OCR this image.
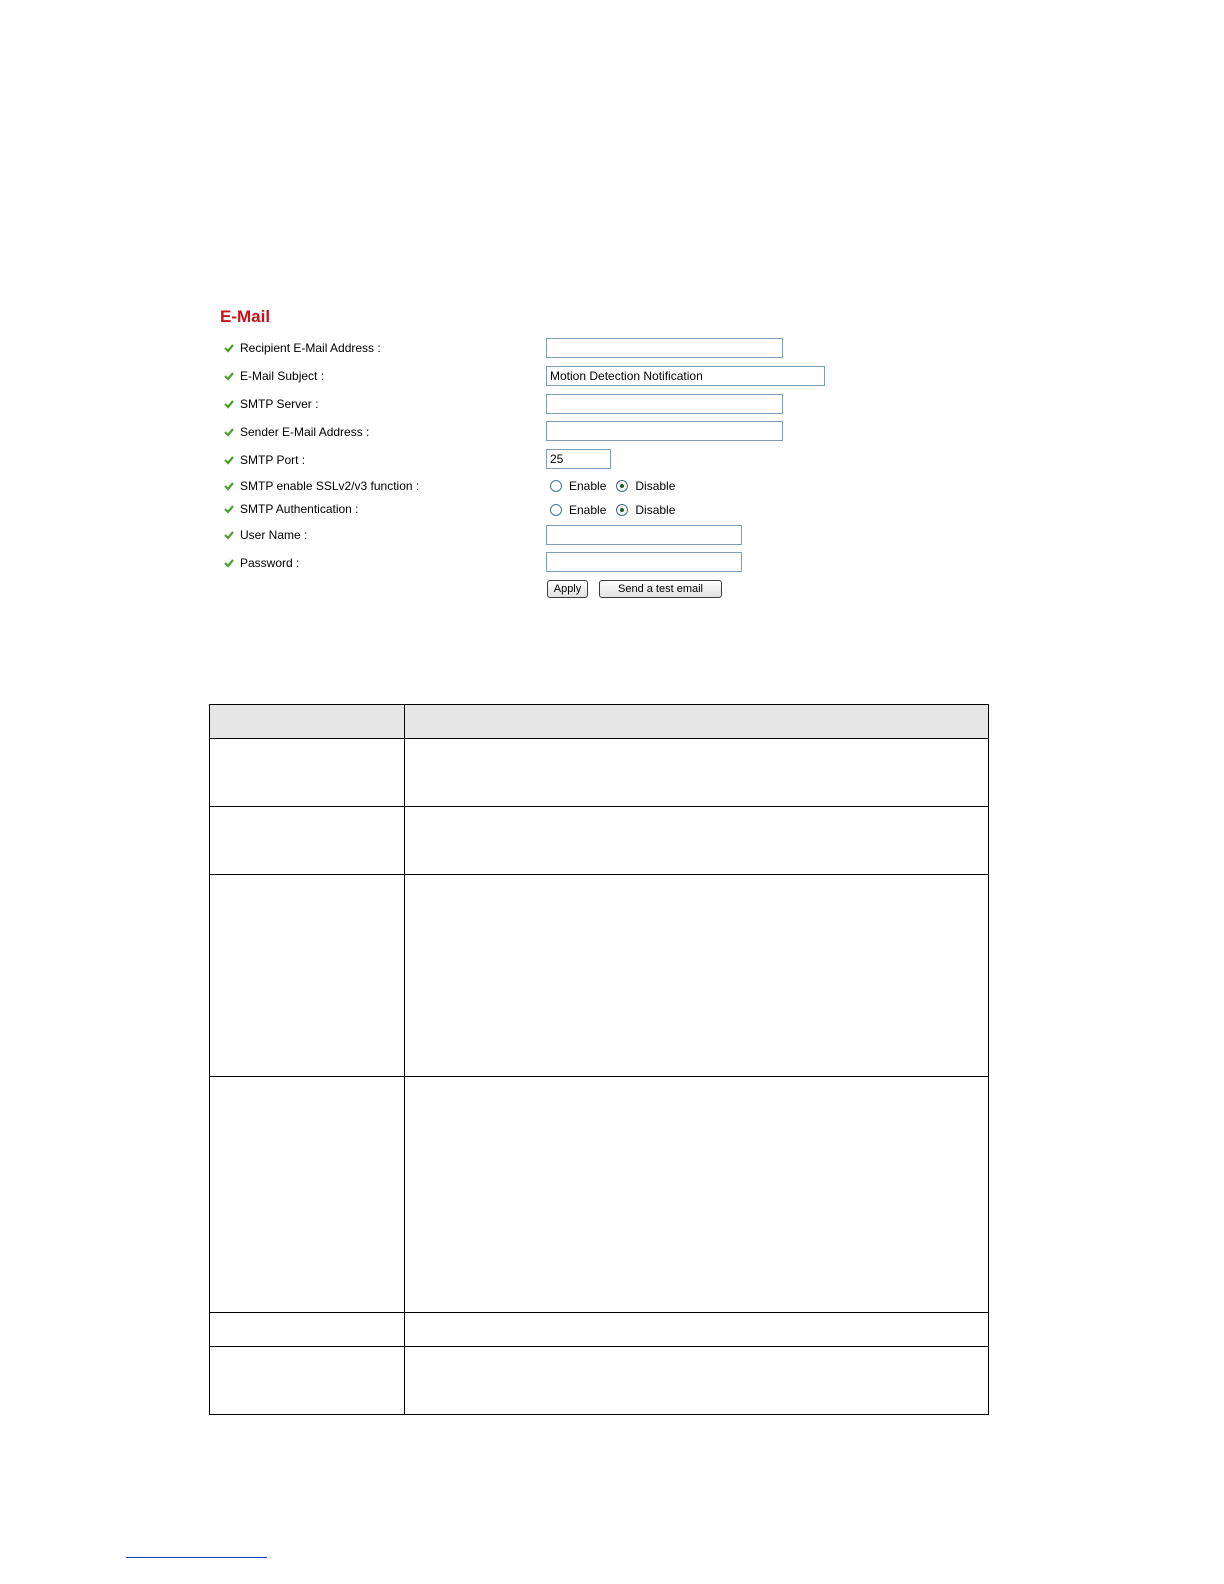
E-Mail
Recipient E-Mail Address :
E-Mail Subject :
Motion Detection Notification
SMTP Server :
Sender E-Mail Address :
SMTP Port :
25
SMTP enable SSLv2/v3 function :	Enable Disable
SMTP Authentication :	Enable Disable
User Name :
Password :
Apply	Send a test email
